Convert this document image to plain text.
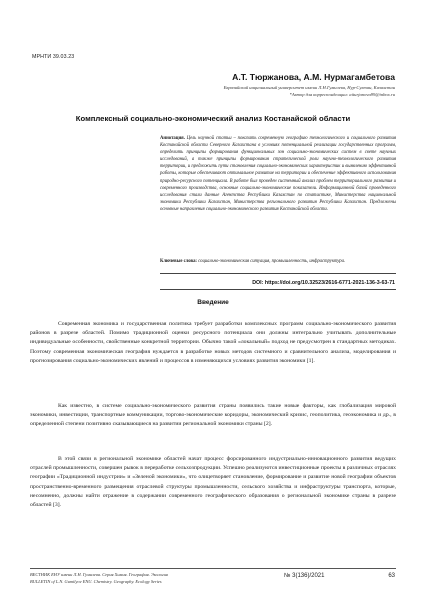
МРНТИ 39.03.23
А.Т. Тюржанова, А.М. Нурмагамбетова
Евразийский национальный университет имени Л.Н.Гумилева, Нур-Султан, Казахстан
*Автор для корреспонденции: aiturjanova99@inbox.ru
Комплексный социально-экономический анализ Костанайской области
Аннотация. Цель научной статьи – показать современную географию технологического и социального развития Костанайской области Северного Казахстана в условиях потенциальной реализации государственных программ, определить принципы формирования функциональных зон социально-экономических систем в свете научных исследований, а также принципы формирования стратегической роли научно-технологического развития территории, и предложить пути становления социально-экономических характеристик и выявлению эффективной работы, которые обеспечивают оптимальное развитие на территории и обеспечение эффективного использования природно-ресурсного потенциала. В работе был проведен системный анализ проблем территориального развития и современного производства, основные социально-экономические показатели. Информационной базой проведенного исследования стали данные Агентства Республики Казахстан по статистике, Министерства национальной экономики Республики Казахстан, Министерства регионального развития Республики Казахстан. Предложены основные направления социально-экономического развития Костанайской области.
Ключевые слова: социально-экономическая ситуация, промышленность, инфраструктура.
DOI: https://doi.org/10.32523/2616-6771-2021-136-3-63-71
Введение
Современная экономика и государственная политика требует разработки комплексных программ социально-экономического развития районов в разрезе областей. Помимо традиционной оценки ресурсного потенциала они должны интегрально учитывать дополнительные индивидуальные особенности, свойственные конкретной территории. Обычно такой «локальный» подход не предусмотрен в стандартных методиках. Поэтому современная экономическая география нуждается в разработке новых методов системного и сравнительного анализа, моделирования и прогнозирования социально-экономических явлений и процессов в изменяющихся условиях развития экономики [1].
Как известно, в системе социально-экономического развития страны появились такие новые факторы, как глобализация мировой экономики, инвестиции, транспортные коммуникации, торгово-экономические коридоры, экономический кризис, геополитика, геоэкономика и др., в определенной степени позитивно сказывающиеся на развитии региональной экономики страны [2].
В этой связи в региональной экономике областей начат процесс форсированного индустриально-инновационного развития ведущих отраслей промышленности, совершен рывок в переработке сельхозпродукции. Успешно реализуются инвестиционные проекты в различных отраслях географии «Традиционной индустрии» и «Зеленой экономики», что олицетворяет становление, формирование и развитие новой географии объектов пространственно-временного размещения отраслевой структуры промышленности, сельского хозяйства и инфраструктуры транспорта, которые, несомненно, должны найти отражение в содержании современного географического образования о региональной экономике страны в разрезе областей [3].
ВЕСТНИК ЕНУ имени Л.Н. Гумилева. Серия Химия. География. Экология
BULLETIN of L.N. Gumilyov ENU. Chemistry. Geography. Ecology Series
№ 3(136)/2021	63
